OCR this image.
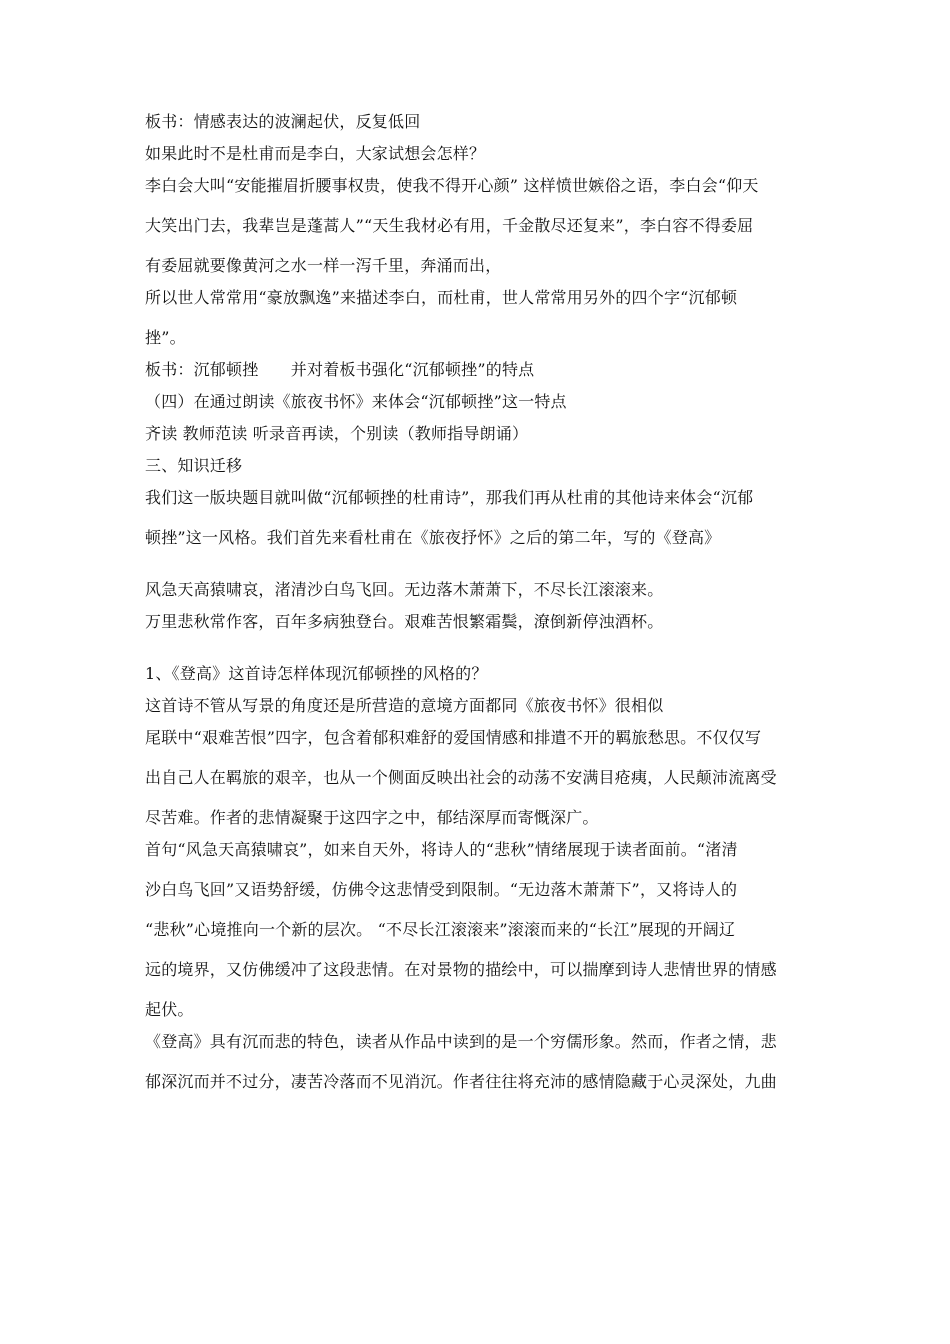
板书：情感表达的波澜起伏，反复低回
如果此时不是杜甫而是李白，大家试想会怎样？
李白会大叫“安能摧眉折腰事权贵，使我不得开心颜” 这样愤世嫉俗之语，李白会“仰天
大笑出门去，我辈岂是蓬蒿人”“天生我材必有用，千金散尽还复来”，李白容不得委屈
有委屈就要像黄河之水一样一泻千里，奔涌而出，
所以世人常常用“豪放飘逸”来描述李白，而杜甫，世人常常用另外的四个字“沉郁顿
挫”。
板书：沉郁顿挫　　并对着板书强化“沉郁顿挫”的特点
（四）在通过朗读《旅夜书怀》来体会“沉郁顿挫”这一特点
齐读 教师范读 听录音再读，个别读（教师指导朗诵）
三、知识迁移
我们这一版块题目就叫做“沉郁顿挫的杜甫诗”，那我们再从杜甫的其他诗来体会“沉郁
顿挫”这一风格。我们首先来看杜甫在《旅夜抒怀》之后的第二年，写的《登高》
风急天高猿啸哀，渚清沙白鸟飞回。无边落木萧萧下，不尽长江滚滚来。
万里悲秋常作客，百年多病独登台。艰难苦恨繁霜鬓，潦倒新停浊酒杯。
1、《登高》这首诗怎样体现沉郁顿挫的风格的？
这首诗不管从写景的角度还是所营造的意境方面都同《旅夜书怀》很相似
尾联中“艰难苦恨”四字，包含着郁积难舒的爱国情感和排遣不开的羁旅愁思。不仅仅写
出自己人在羁旅的艰辛，也从一个侧面反映出社会的动荡不安满目疮痍，人民颠沛流离受
尽苦难。作者的悲情凝聚于这四字之中，郁结深厚而寄慨深广。
首句“风急天高猿啸哀”，如来自天外，将诗人的“悲秋”情绪展现于读者面前。“渚清
沙白鸟飞回”又语势舒缓，仿佛令这悲情受到限制。“无边落木萧萧下”，又将诗人的
“悲秋”心境推向一个新的层次。 “不尽长江滚滚来”滚滚而来的“长江”展现的开阔辽
远的境界，又仿佛缓冲了这段悲情。在对景物的描绘中，可以揣摩到诗人悲情世界的情感
起伏。
《登高》具有沉而悲的特色，读者从作品中读到的是一个穷儒形象。然而，作者之情，悲
郁深沉而并不过分，凄苦冷落而不见消沉。作者往往将充沛的感情隐藏于心灵深处，九曲
